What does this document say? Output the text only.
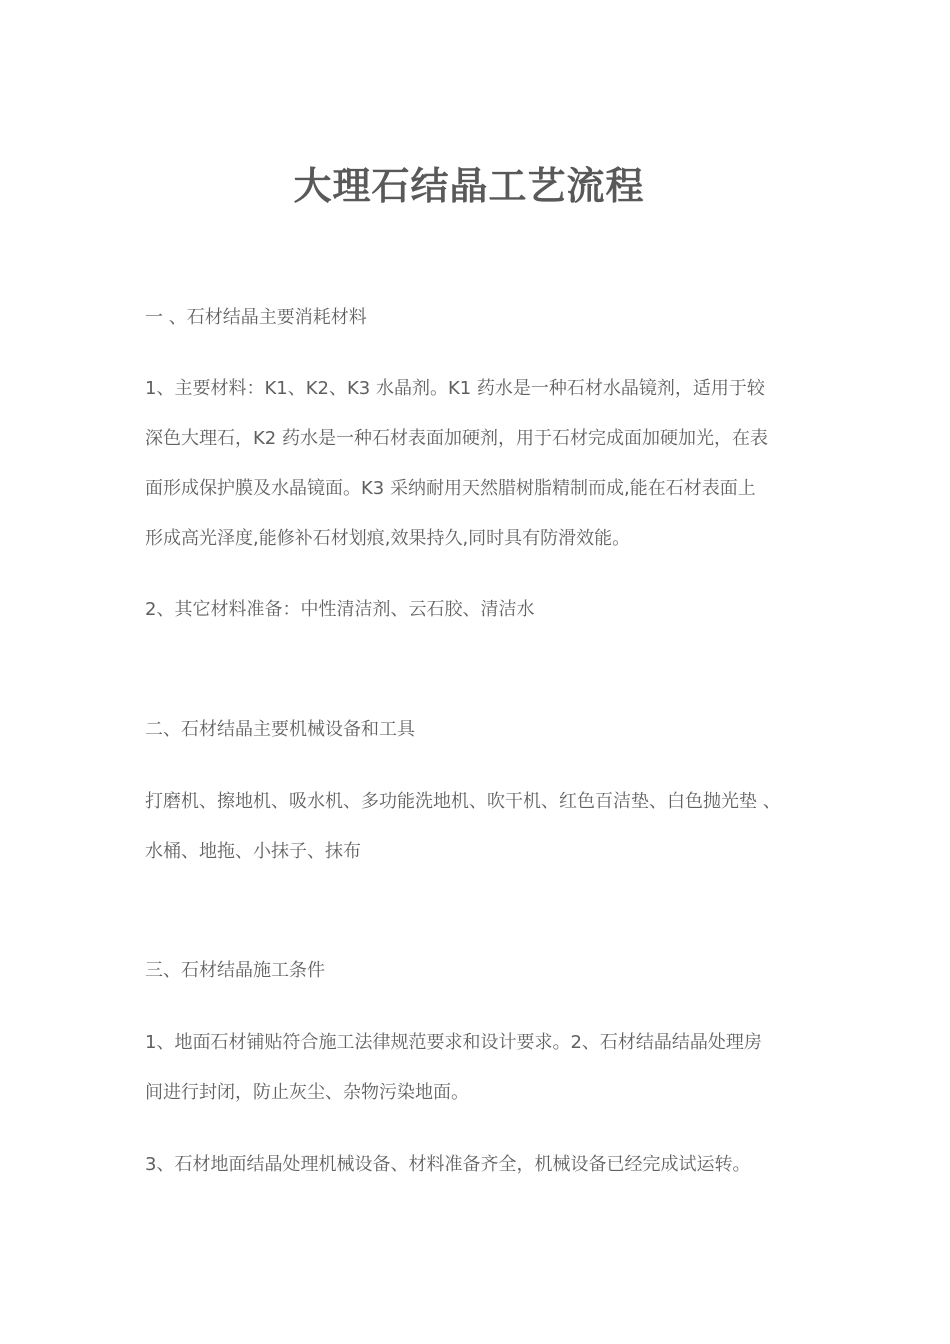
大理石结晶工艺流程

一 、石材结晶主要消耗材料

1、主要材料：K1、K2、K3 水晶剂。K1 药水是一种石材水晶镜剂，适用于较

深色大理石，K2 药水是一种石材表面加硬剂，用于石材完成面加硬加光，在表

面形成保护膜及水晶镜面。K3 采纳耐用天然腊树脂精制而成,能在石材表面上

形成高光泽度,能修补石材划痕,效果持久,同时具有防滑效能。

2、其它材料准备：中性清洁剂、云石胶、清洁水

二、石材结晶主要机械设备和工具

打磨机、擦地机、吸水机、多功能洗地机、吹干机、红色百洁垫、白色抛光垫 、

水桶、地拖、小抹子、抹布

三、石材结晶施工条件

1、地面石材铺贴符合施工法律规范要求和设计要求。2、石材结晶结晶处理房

间进行封闭，防止灰尘、杂物污染地面。

3、石材地面结晶处理机械设备、材料准备齐全，机械设备已经完成试运转。
